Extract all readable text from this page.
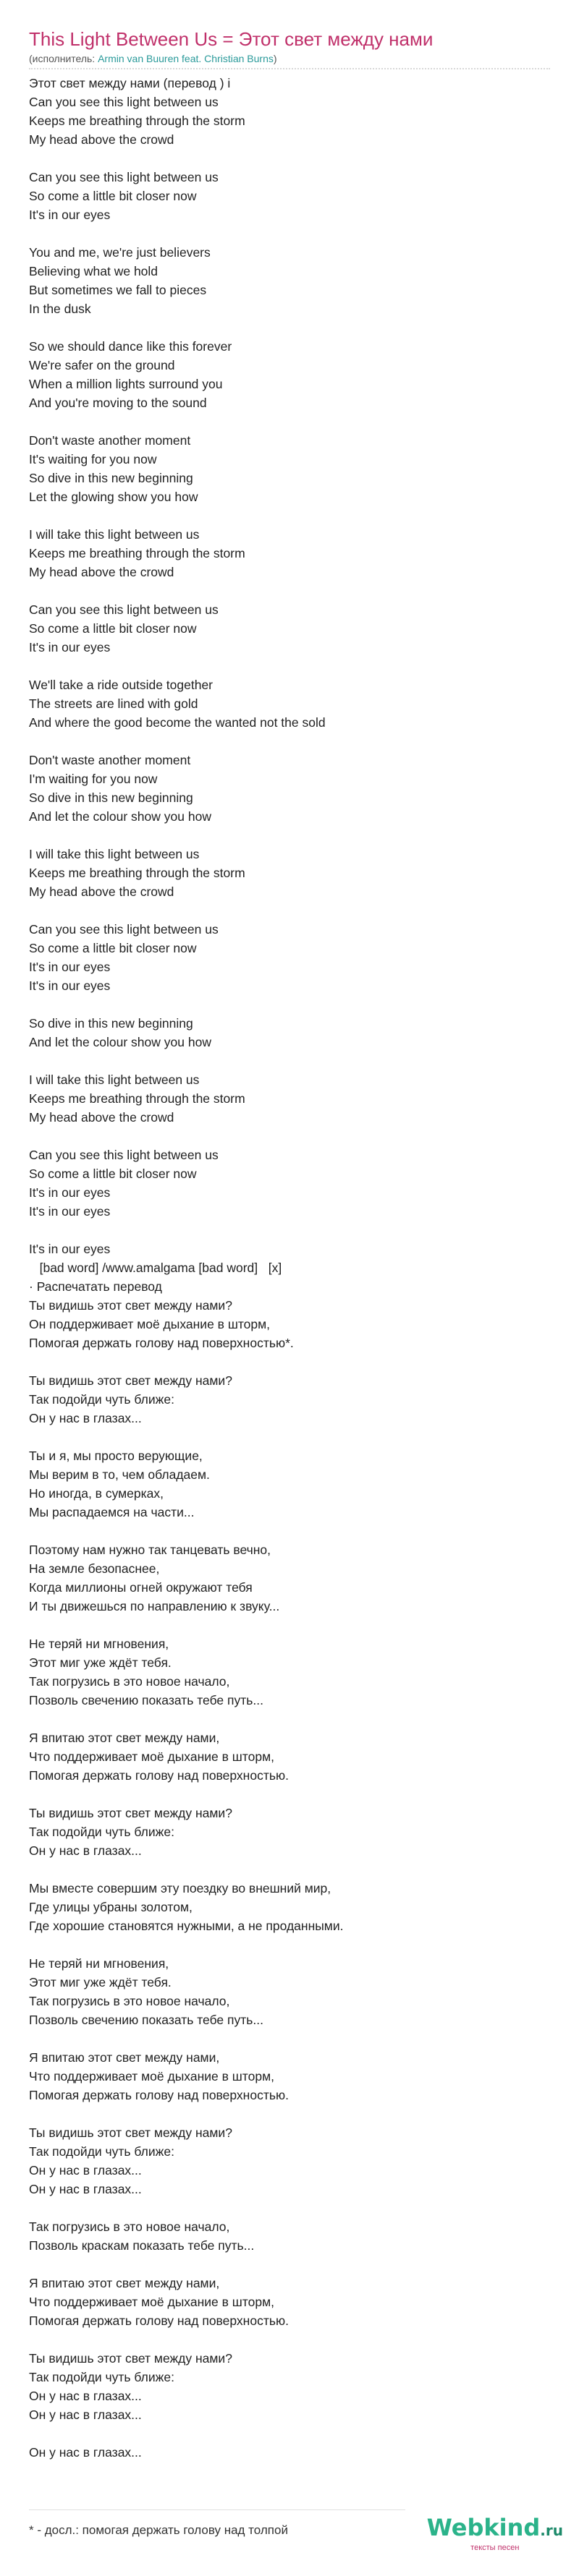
This Light Between Us = Этот свет между нами
(исполнитель: Armin van Buuren feat. Christian Burns)
Этот свет между нами (перевод ) i
Can you see this light between us
Keeps me breathing through the storm
My head above the crowd
Can you see this light between us
So come a little bit closer now
It's in our eyes
You and me, we're just believers
Believing what we hold
But sometimes we fall to pieces
In the dusk
So we should dance like this forever
We're safer on the ground
When a million lights surround you
And you're moving to the sound
Don't waste another moment
It's waiting for you now
So dive in this new beginning
Let the glowing show you how
I will take this light between us
Keeps me breathing through the storm
My head above the crowd
Can you see this light between us
So come a little bit closer now
It's in our eyes
We'll take a ride outside together
The streets are lined with gold
And where the good become the wanted not the sold
Don't waste another moment
I'm waiting for you now
So dive in this new beginning
And let the colour show you how
I will take this light between us
Keeps me breathing through the storm
My head above the crowd
Can you see this light between us
So come a little bit closer now
It's in our eyes
It's in our eyes
So dive in this new beginning
And let the colour show you how
I will take this light between us
Keeps me breathing through the storm
My head above the crowd
Can you see this light between us
So come a little bit closer now
It's in our eyes
It's in our eyes
It's in our eyes
[bad word] /www.amalgama [bad word] [x]
· Распечатать перевод
Ты видишь этот свет между нами?
Он поддерживает моё дыхание в шторм,
Помогая держать голову над поверхностью*.
Ты видишь этот свет между нами?
Так подойди чуть ближе:
Он у нас в глазах...
Ты и я, мы просто верующие,
Мы верим в то, чем обладаем.
Но иногда, в сумерках,
Мы распадаемся на части...
Поэтому нам нужно так танцевать вечно,
На земле безопаснее,
Когда миллионы огней окружают тебя
И ты движешься по направлению к звуку...
Не теряй ни мгновения,
Этот миг уже ждёт тебя.
Так погрузись в это новое начало,
Позволь свечению показать тебе путь...
Я впитаю этот свет между нами,
Что поддерживает моё дыхание в шторм,
Помогая держать голову над поверхностью.
Ты видишь этот свет между нами?
Так подойди чуть ближе:
Он у нас в глазах...
Мы вместе совершим эту поездку во внешний мир,
Где улицы убраны золотом,
Где хорошие становятся нужными, а не проданными.
Не теряй ни мгновения,
Этот миг уже ждёт тебя.
Так погрузись в это новое начало,
Позволь свечению показать тебе путь...
Я впитаю этот свет между нами,
Что поддерживает моё дыхание в шторм,
Помогая держать голову над поверхностью.
Ты видишь этот свет между нами?
Так подойди чуть ближе:
Он у нас в глазах...
Он у нас в глазах...
Так погрузись в это новое начало,
Позволь краскам показать тебе путь...
Я впитаю этот свет между нами,
Что поддерживает моё дыхание в шторм,
Помогая держать голову над поверхностью.
Ты видишь этот свет между нами?
Так подойди чуть ближе:
Он у нас в глазах...
Он у нас в глазах...
Он у нас в глазах...
* - досл.: помогая держать голову над толпой	Webkind.ru
тексты песен
